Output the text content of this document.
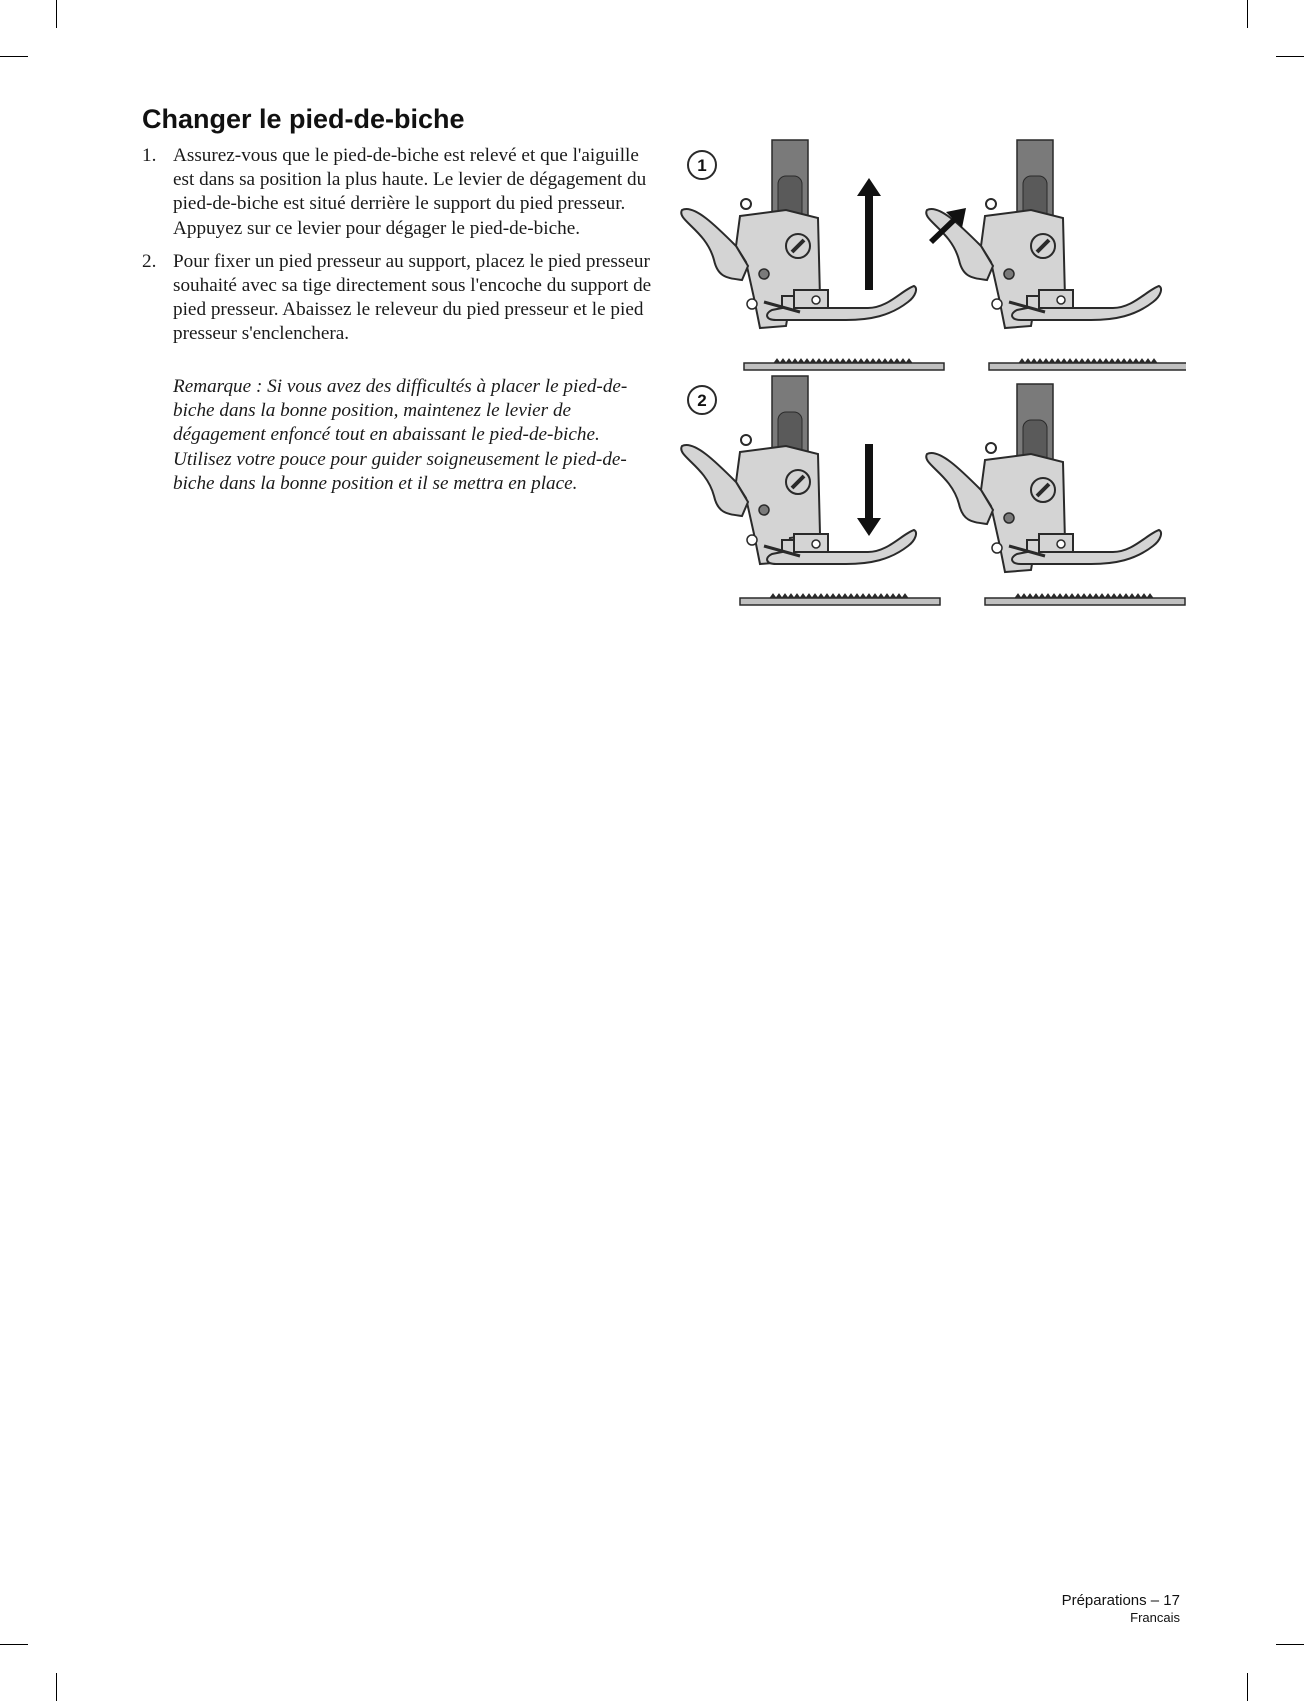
Changer le pied-de-biche
1. Assurez-vous que le pied-de-biche est relevé et que l'aiguille est dans sa position la plus haute. Le levier de dégagement du pied-de-biche est situé derrière le support du pied presseur. Appuyez sur ce levier pour dégager le pied-de-biche.
2. Pour fixer un pied presseur au support, placez le pied presseur souhaité avec sa tige directement sous l'encoche du support de pied presseur. Abaissez le releveur du pied presseur et le pied presseur s'enclenchera.

Remarque : Si vous avez des difficultés à placer le pied-de-biche dans la bonne position, maintenez le levier de dégagement enfoncé tout en abaissant le pied-de-biche. Utilisez votre pouce pour guider soigneusement le pied-de-biche dans la bonne position et il se mettra en place.

1
2
Préparations – 17
Francais
